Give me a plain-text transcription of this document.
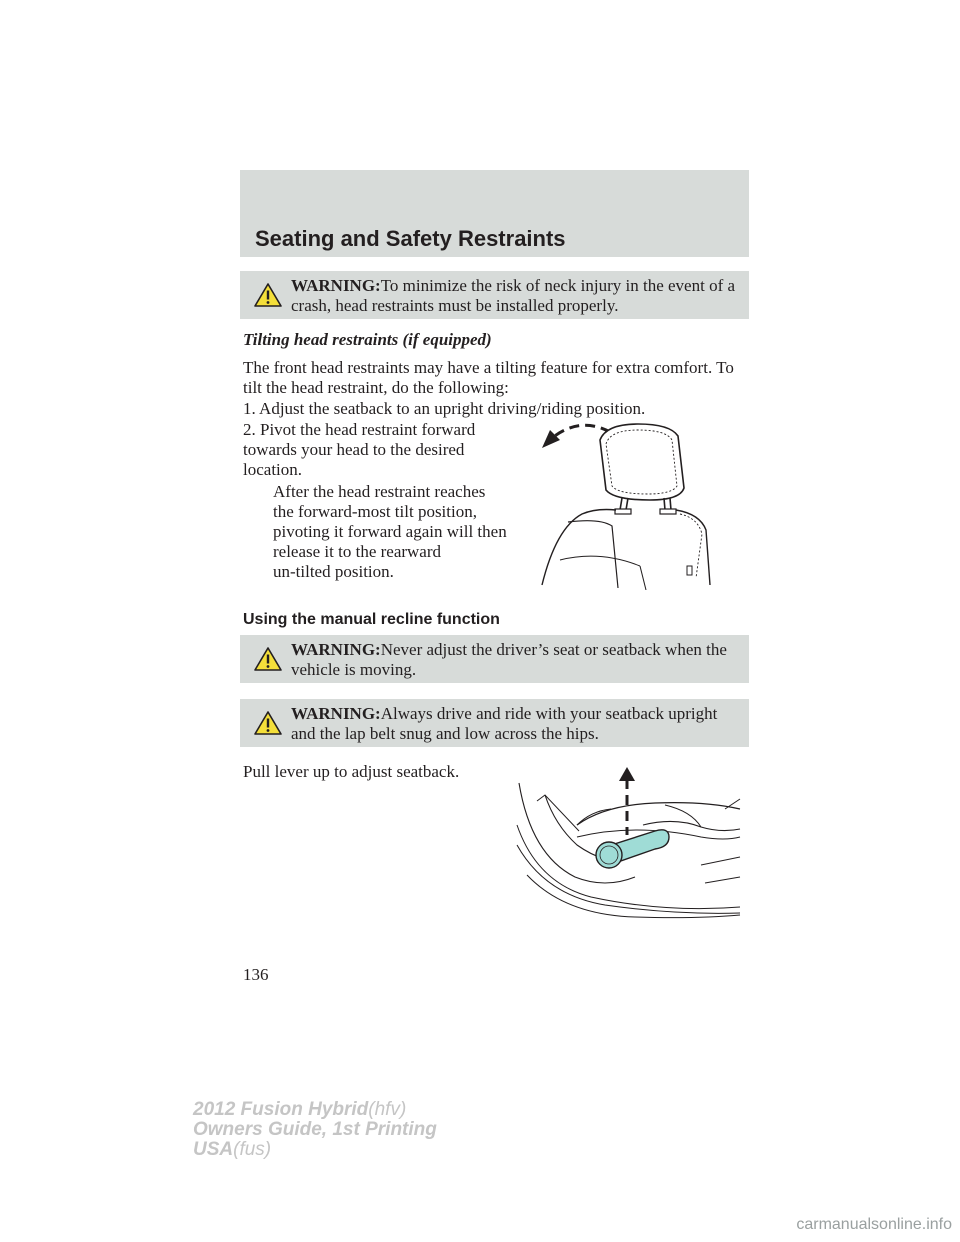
Seating and Safety Restraints
WARNING:To minimize the risk of neck injury in the event of a
crash, head restraints must be installed properly.
Tilting head restraints (if equipped)
The front head restraints may have a tilting feature for extra comfort. To
tilt the head restraint, do the following:
1. Adjust the seatback to an upright driving/riding position.
2. Pivot the head restraint forward
towards your head to the desired
location.
After the head restraint reaches
the forward-most tilt position,
pivoting it forward again will then
release it to the rearward
un-tilted position.
Using the manual recline function
WARNING:Never adjust the driver’s seat or seatback when the
vehicle is moving.
WARNING:Always drive and ride with your seatback upright
and the lap belt snug and low across the hips.
Pull lever up to adjust seatback.
136
2012 Fusion Hybrid(hfv)
Owners Guide, 1st Printing
USA(fus)
carmanualsonline.info
